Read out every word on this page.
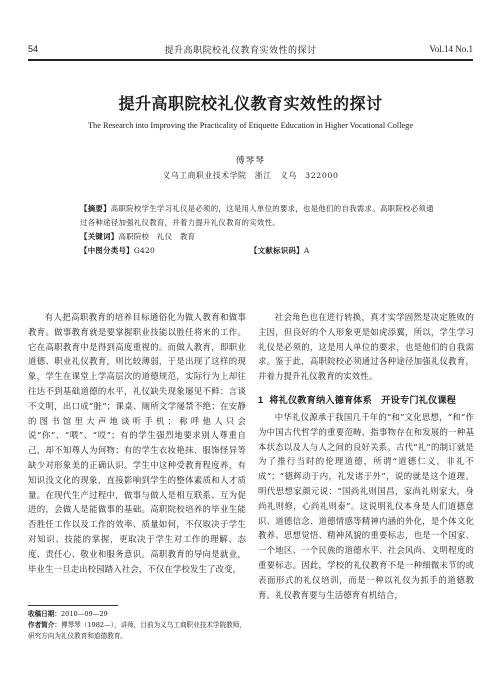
54	提升高职院校礼仪教育实效性的探讨	Vol.14 No.1
提升高职院校礼仪教育实效性的探讨
The Research into Improving the Practicality of Etiquette Education in Higher Vocational College
傅琴琴
义乌工商职业技术学院　浙江　义乌　322000
【摘要】高职院校学生学习礼仪是必须的，这是用人单位的要求，也是他们的自我需求。高职院校必须通过各种途径加强礼仪教育，并着力提升礼仪教育的实效性。
【关键词】高职院校　礼仪　教育
【中图分类号】G420	【文献标识码】A

有人把高职教育的培养目标通俗化为做人教育和做事教育。做事教育就是要掌握职业技能以胜任将来的工作。它在高职教育中是得到高度重视的。而做人教育，即职业道德、职业礼仪教育，则比较薄弱，于是出现了这样的现象，学生在课堂上学高层次的道德规范，实际行为上却往往达不到基础道德的水平，礼仪缺失现象屡见不鲜：言谈不文明，出口成“脏”；课桌、厕所文学屡禁不绝；在安静的图书馆里大声地谈听手机；称呼他人只会说“你”、“喂”、“哎”；有的学生强烈地要求别人尊重自己，却不知尊人为何物；有的学生衣妆艳抹、服饰怪异等缺少对形象美的正确认识。学生中这种受教育程度养，有知识没文化的现象，直接影响到学生的整体素质和人才质量。在现代生产过程中，做事与做人是相互联系、互为促进的，会做人是能做事的基础。高职院校培养的毕业生能否胜任工作以及工作的效率、质量如何，不仅取决于学生对知识、技能的掌握，更取决于学生对工作的理解、态度、责任心、敬业和服务意识。高职教育的导向是就业，毕业生一旦走出校园踏入社会，不仅在学校发生了改变，

社会角色也在进行转换，真才实学固然是决定胜败的主因，但良好的个人形象更是如虎添翼，所以，学生学习礼仪是必须的，这是用人单位的要求，也是他们的自我需求。鉴于此，高职院校必须通过各种途径加强礼仪教育，并着力提升礼仪教育的实效性。

1 将礼仪教育纳入德育体系　开设专门礼仪课程

中华礼仪源承于我国几千年的“和”文化思想，“和”作为中国古代哲学的重要范畴，指事物存在和发展的一种基本状态以及人与人之间的良好关系。古代“礼”的制订就是为了推行当时的伦理道德，所谓“道德仁义，非礼不成”；“德辉动于内，礼发诸于外”，说的就是这个道理。明代思想家颜元说：“国尚礼则国昌，家尚礼则家大，身尚礼则修，心尚礼则泰”。这说明礼仪本身是人们道德意识、道德信念、道德情感等精神内涵的外化，是个体文化教养、思想觉悟、精神风貌的重要标志，也是一个国家、一个地区、一个民族的道德水平、社会风尚、文明程度的重要标志。因此，学校的礼仪教育不是一种细微末节的或表面形式的礼仪培训，而是一种以礼仪为抓手的道德教育。礼仪教育要与生活德育有机结合，

收稿日期：2010—09—29
作者简介：傅琴琴（1982—），讲师，目前为义乌工商职业技术学院教师，研究方向为礼仪教育和道德教育。
